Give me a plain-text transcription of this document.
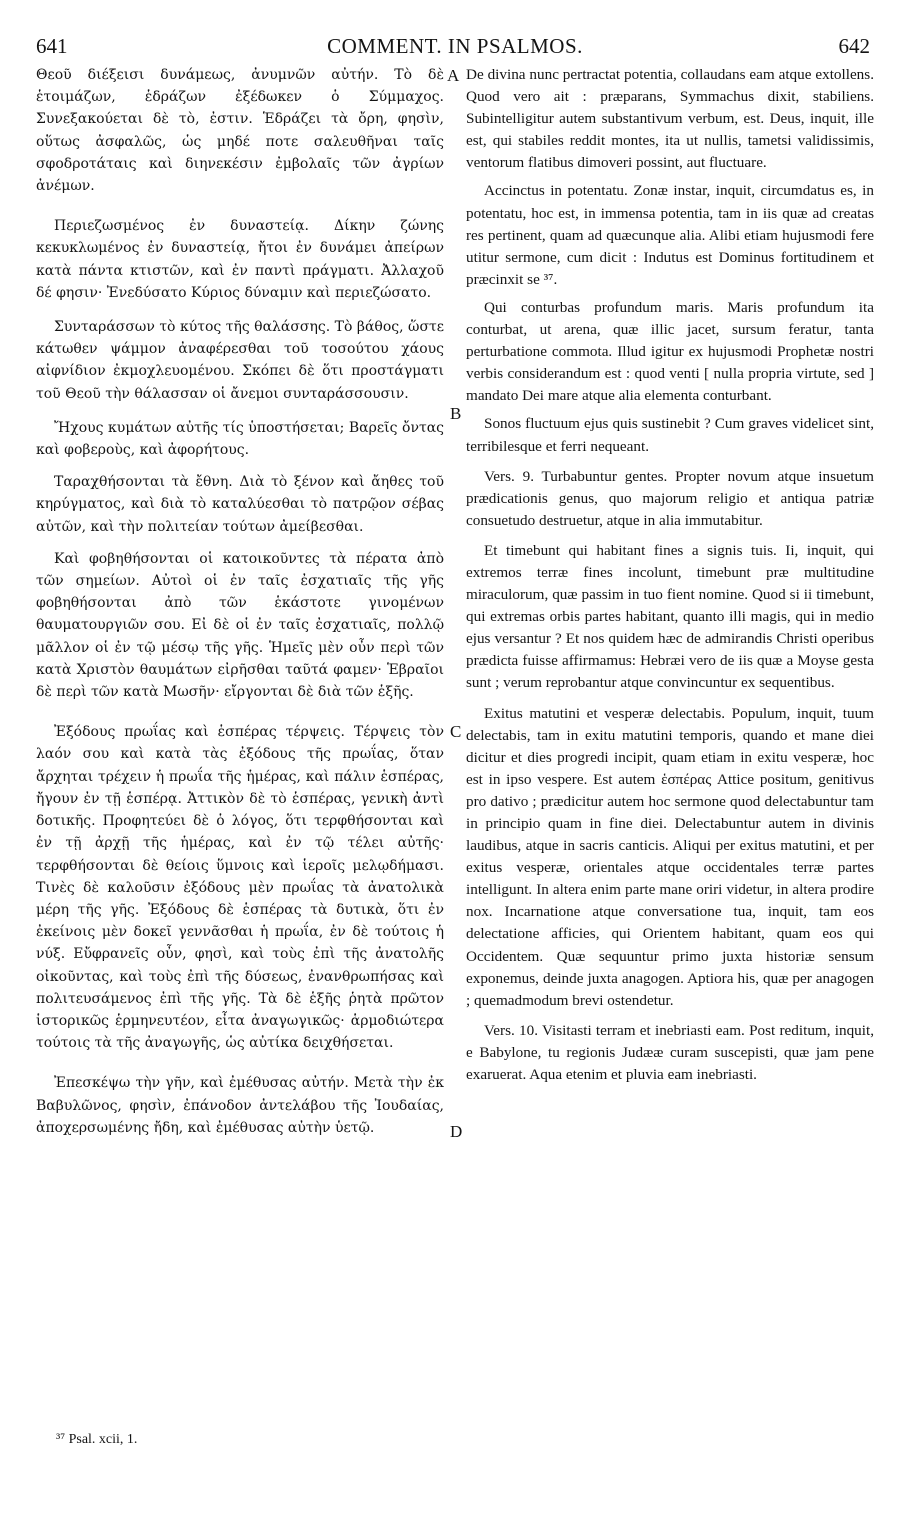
641	COMMENT. IN PSALMOS.	642
A
B
C
D

Θεοῦ διέξεισι δυνάμεως, ἀνυμνῶν αὐτήν. Τὸ δὲ ἑτοιμάζων, ἑδράζων ἐξέδωκεν ὁ Σύμμαχος. Συνεξακούεται δὲ τὸ, ἐστιν. Ἑδράζει τὰ ὄρη, φησὶν, οὕτως ἀσφαλῶς, ὡς μηδέ ποτε σαλευθῆναι ταῖς σφοδροτάταις καὶ διηνεκέσιν ἐμβολαῖς τῶν ἀγρίων ἀνέμων.

Περιεζωσμένος ἐν δυναστείᾳ. Δίκην ζώνης κεκυκλωμένος ἐν δυναστείᾳ, ἤτοι ἐν δυνάμει ἀπείρων κατὰ πάντα κτιστῶν, καὶ ἐν παντὶ πράγματι. Ἀλλαχοῦ δέ φησιν· Ἐνεδύσατο Κύριος δύναμιν καὶ περιεζώσατο.

Συνταράσσων τὸ κύτος τῆς θαλάσσης. Τὸ βάθος, ὥστε κάτωθεν ψάμμον ἀναφέρεσθαι τοῦ τοσούτου χάους αἰφνίδιον ἐκμοχλευομένου. Σκόπει δὲ ὅτι προστάγματι τοῦ Θεοῦ τὴν θάλασσαν οἱ ἄνεμοι συνταράσσουσιν.

Ἤχους κυμάτων αὐτῆς τίς ὑποστήσεται; Βαρεῖς ὄντας καὶ φοβεροὺς, καὶ ἀφορήτους.

Ταραχθήσονται τὰ ἔθνη. Διὰ τὸ ξένον καὶ ἄηθες τοῦ κηρύγματος, καὶ διὰ τὸ καταλύεσθαι τὸ πατρῷον σέβας αὐτῶν, καὶ τὴν πολιτείαν τούτων ἀμείβεσθαι.

Καὶ φοβηθήσονται οἱ κατοικοῦντες τὰ πέρατα ἀπὸ τῶν σημείων. Αὐτοὶ οἱ ἐν ταῖς ἐσχατιαῖς τῆς γῆς φοβηθήσονται ἀπὸ τῶν ἑκάστοτε γινομένων θαυματουργιῶν σου. Εἰ δὲ οἱ ἐν ταῖς ἐσχατιαῖς, πολλῷ μᾶλλον οἱ ἐν τῷ μέσῳ τῆς γῆς. Ἡμεῖς μὲν οὖν περὶ τῶν κατὰ Χριστὸν θαυμάτων εἰρῆσθαι ταῦτά φαμεν· Ἑβραῖοι δὲ περὶ τῶν κατὰ Μωσῆν· εἴργονται δὲ διὰ τῶν ἑξῆς.

Ἐξόδους πρωΐας καὶ ἑσπέρας τέρψεις. Τέρψεις τὸν λαόν σου καὶ κατὰ τὰς ἐξόδους τῆς πρωΐας, ὅταν ἄρχηται τρέχειν ἡ πρωΐα τῆς ἡμέρας, καὶ πάλιν ἑσπέρας, ἤγουν ἐν τῇ ἑσπέρᾳ. Ἀττικὸν δὲ τὸ ἑσπέρας, γενικὴ ἀντὶ δοτικῆς. Προφητεύει δὲ ὁ λόγος, ὅτι τερφθήσονται καὶ ἐν τῇ ἀρχῇ τῆς ἡμέρας, καὶ ἐν τῷ τέλει αὐτῆς· τερφθήσονται δὲ θείοις ὕμνοις καὶ ἱεροῖς μελῳδήμασι. Τινὲς δὲ καλοῦσιν ἐξόδους μὲν πρωΐας τὰ ἀνατολικὰ μέρη τῆς γῆς. Ἐξόδους δὲ ἑσπέρας τὰ δυτικὰ, ὅτι ἐν ἐκείνοις μὲν δοκεῖ γεννᾶσθαι ἡ πρωΐα, ἐν δὲ τούτοις ἡ νύξ. Εὔφρανεῖς οὖν, φησὶ, καὶ τοὺς ἐπὶ τῆς ἀνατολῆς οἰκοῦντας, καὶ τοὺς ἐπὶ τῆς δύσεως, ἐνανθρωπήσας καὶ πολιτευσάμενος ἐπὶ τῆς γῆς. Τὰ δὲ ἑξῆς ῥητὰ πρῶτον ἱστορικῶς ἑρμηνευτέον, εἶτα ἀναγωγικῶς· ἁρμοδιώτερα τούτοις τὰ τῆς ἀναγωγῆς, ὡς αὐτίκα δειχθήσεται.

Ἐπεσκέψω τὴν γῆν, καὶ ἐμέθυσας αὐτήν. Μετὰ τὴν ἐκ Βαβυλῶνος, φησὶν, ἐπάνοδον ἀντελάβου τῆς Ἰουδαίας, ἀποχερσωμένης ἤδη, καὶ ἐμέθυσας αὐτὴν ὑετῷ.

De divina nunc pertractat potentia, collaudans eam atque extollens. Quod vero ait : præparans, Symmachus dixit, stabiliens. Subintelligitur autem substantivum verbum, est. Deus, inquit, ille est, qui stabiles reddit montes, ita ut nullis, tametsi validissimis, ventorum flatibus dimoveri possint, aut fluctuare.

Accinctus in potentatu. Zonæ instar, inquit, circumdatus es, in potentatu, hoc est, in immensa potentia, tam in iis quæ ad creatas res pertinent, quam ad quæcunque alia. Alibi etiam hujusmodi fere utitur sermone, cum dicit : Indutus est Dominus fortitudinem et præcinxit se ³⁷.

Qui conturbas profundum maris. Maris profundum ita conturbat, ut arena, quæ illic jacet, sursum feratur, tanta perturbatione commota. Illud igitur ex hujusmodi Prophetæ nostri verbis considerandum est : quod venti [ nulla propria virtute, sed ] mandato Dei mare atque alia elementa conturbant.

Sonos fluctuum ejus quis sustinebit ? Cum graves videlicet sint, terribilesque et ferri nequeant.

Vers. 9. Turbabuntur gentes. Propter novum atque insuetum prædicationis genus, quo majorum religio et antiqua patriæ consuetudo destruetur, atque in alia immutabitur.

Et timebunt qui habitant fines a signis tuis. Ii, inquit, qui extremos terræ fines incolunt, timebunt præ multitudine miraculorum, quæ passim in tuo fient nomine. Quod si ii timebunt, qui extremas orbis partes habitant, quanto illi magis, qui in medio ejus versantur ? Et nos quidem hæc de admirandis Christi operibus prædicta fuisse affirmamus: Hebræi vero de iis quæ a Moyse gesta sunt ; verum reprobantur atque convincuntur ex sequentibus.

Exitus matutini et vesperæ delectabis. Populum, inquit, tuum delectabis, tam in exitu matutini temporis, quando et mane diei dicitur et dies progredi incipit, quam etiam in exitu vesperæ, hoc est in ipso vespere. Est autem ἑσπέρας Attice positum, genitivus pro dativo ; prædicitur autem hoc sermone quod delectabuntur tam in principio quam in fine diei. Delectabuntur autem in divinis laudibus, atque in sacris canticis. Aliqui per exitus matutini, et per exitus vesperæ, orientales atque occidentales terræ partes intelligunt. In altera enim parte mane oriri videtur, in altera prodire nox. Incarnatione atque conversatione tua, inquit, tam eos delectatione afficies, qui Orientem habitant, quam eos qui Occidentem. Quæ sequuntur primo juxta historiæ sensum exponemus, deinde juxta anagogen. Aptiora his, quæ per anagogen ; quemadmodum brevi ostendetur.

Vers. 10. Visitasti terram et inebriasti eam. Post reditum, inquit, e Babylone, tu regionis Judææ curam suscepisti, quæ jam pene exaruerat. Aqua etenim et pluvia eam inebriasti.

³⁷ Psal. xcii, 1.
